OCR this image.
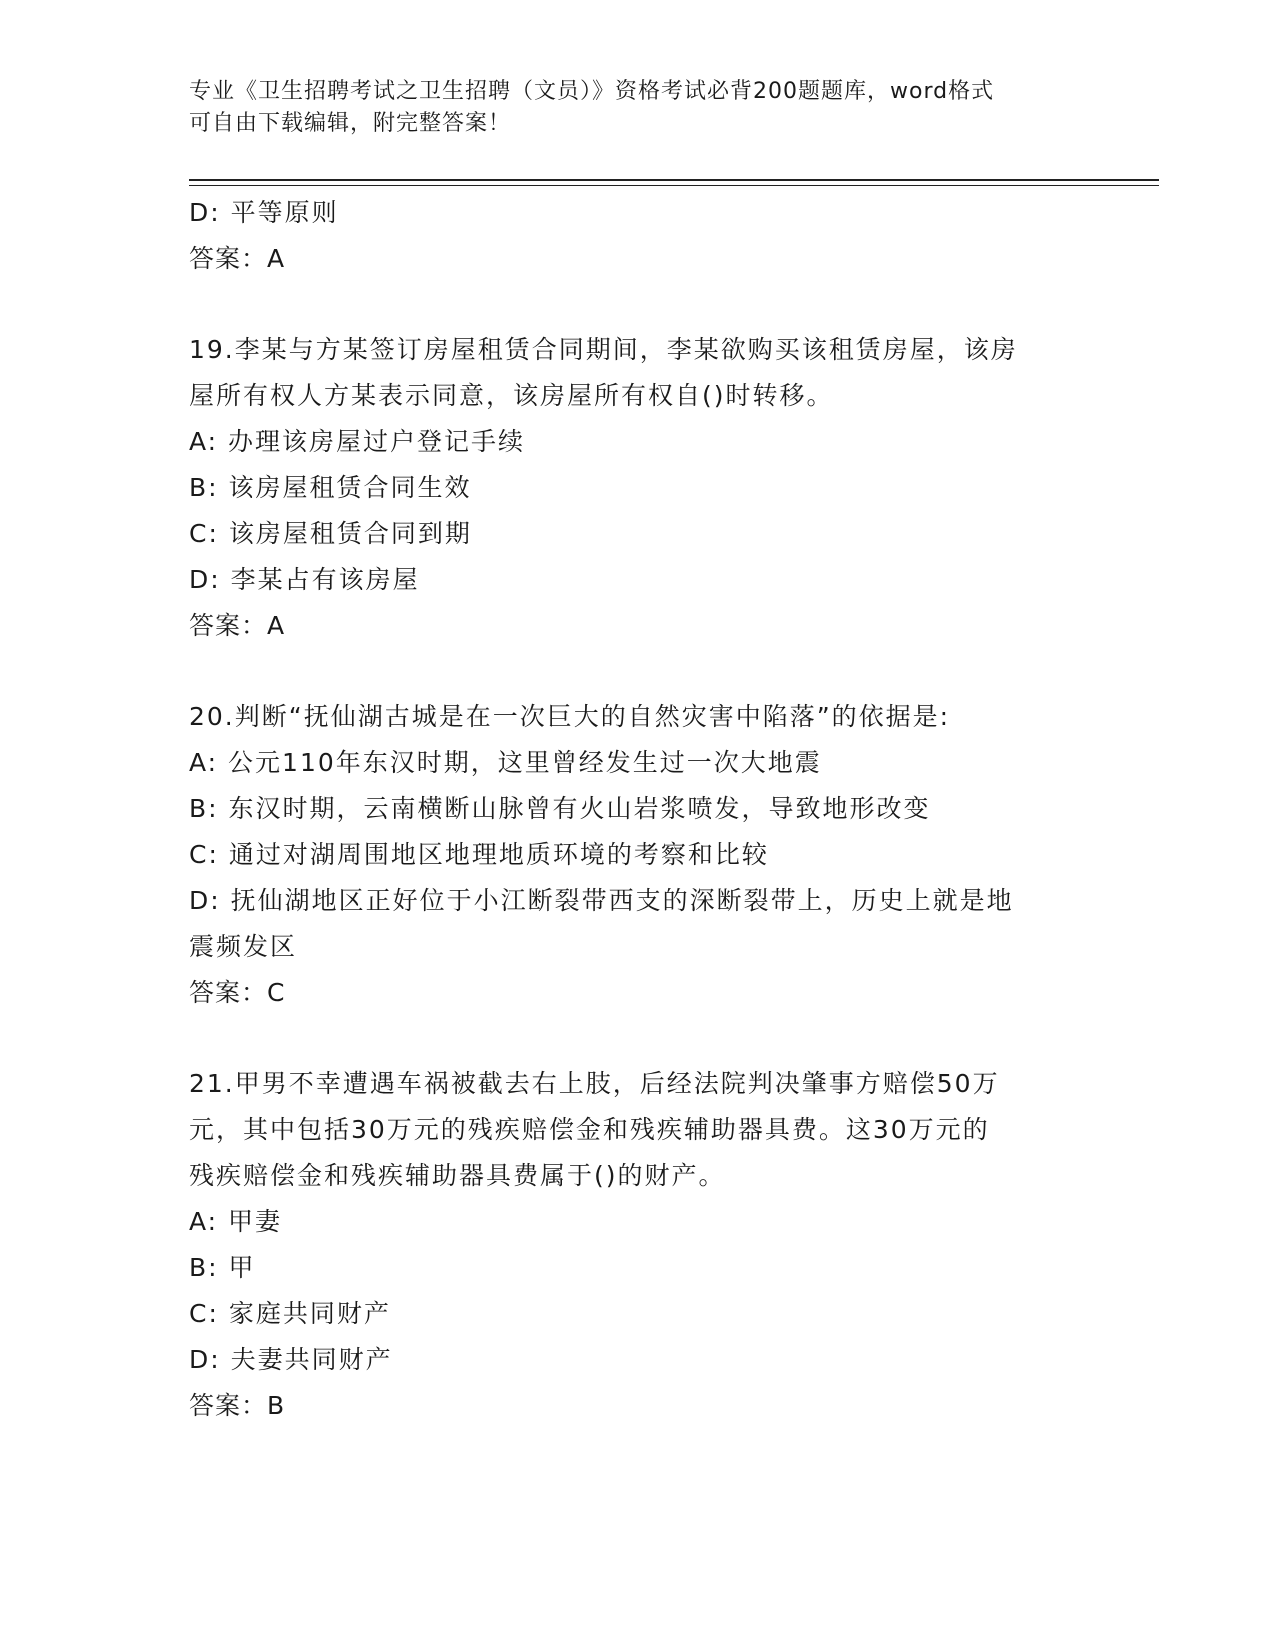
专业《卫生招聘考试之卫生招聘（文员）》资格考试必背200题题库，word格式
可自由下载编辑，附完整答案！
D: 平等原则
答案：A
19.李某与方某签订房屋租赁合同期间，李某欲购买该租赁房屋，该房
屋所有权人方某表示同意，该房屋所有权自()时转移。
A: 办理该房屋过户登记手续
B: 该房屋租赁合同生效
C: 该房屋租赁合同到期
D: 李某占有该房屋
答案：A
20.判断“抚仙湖古城是在一次巨大的自然灾害中陷落”的依据是:
A: 公元110年东汉时期，这里曾经发生过一次大地震
B: 东汉时期，云南横断山脉曾有火山岩浆喷发，导致地形改变
C: 通过对湖周围地区地理地质环境的考察和比较
D: 抚仙湖地区正好位于小江断裂带西支的深断裂带上，历史上就是地
震频发区
答案：C
21.甲男不幸遭遇车祸被截去右上肢，后经法院判决肇事方赔偿50万
元，其中包括30万元的残疾赔偿金和残疾辅助器具费。这30万元的
残疾赔偿金和残疾辅助器具费属于()的财产。
A: 甲妻
B: 甲
C: 家庭共同财产
D: 夫妻共同财产
答案：B
